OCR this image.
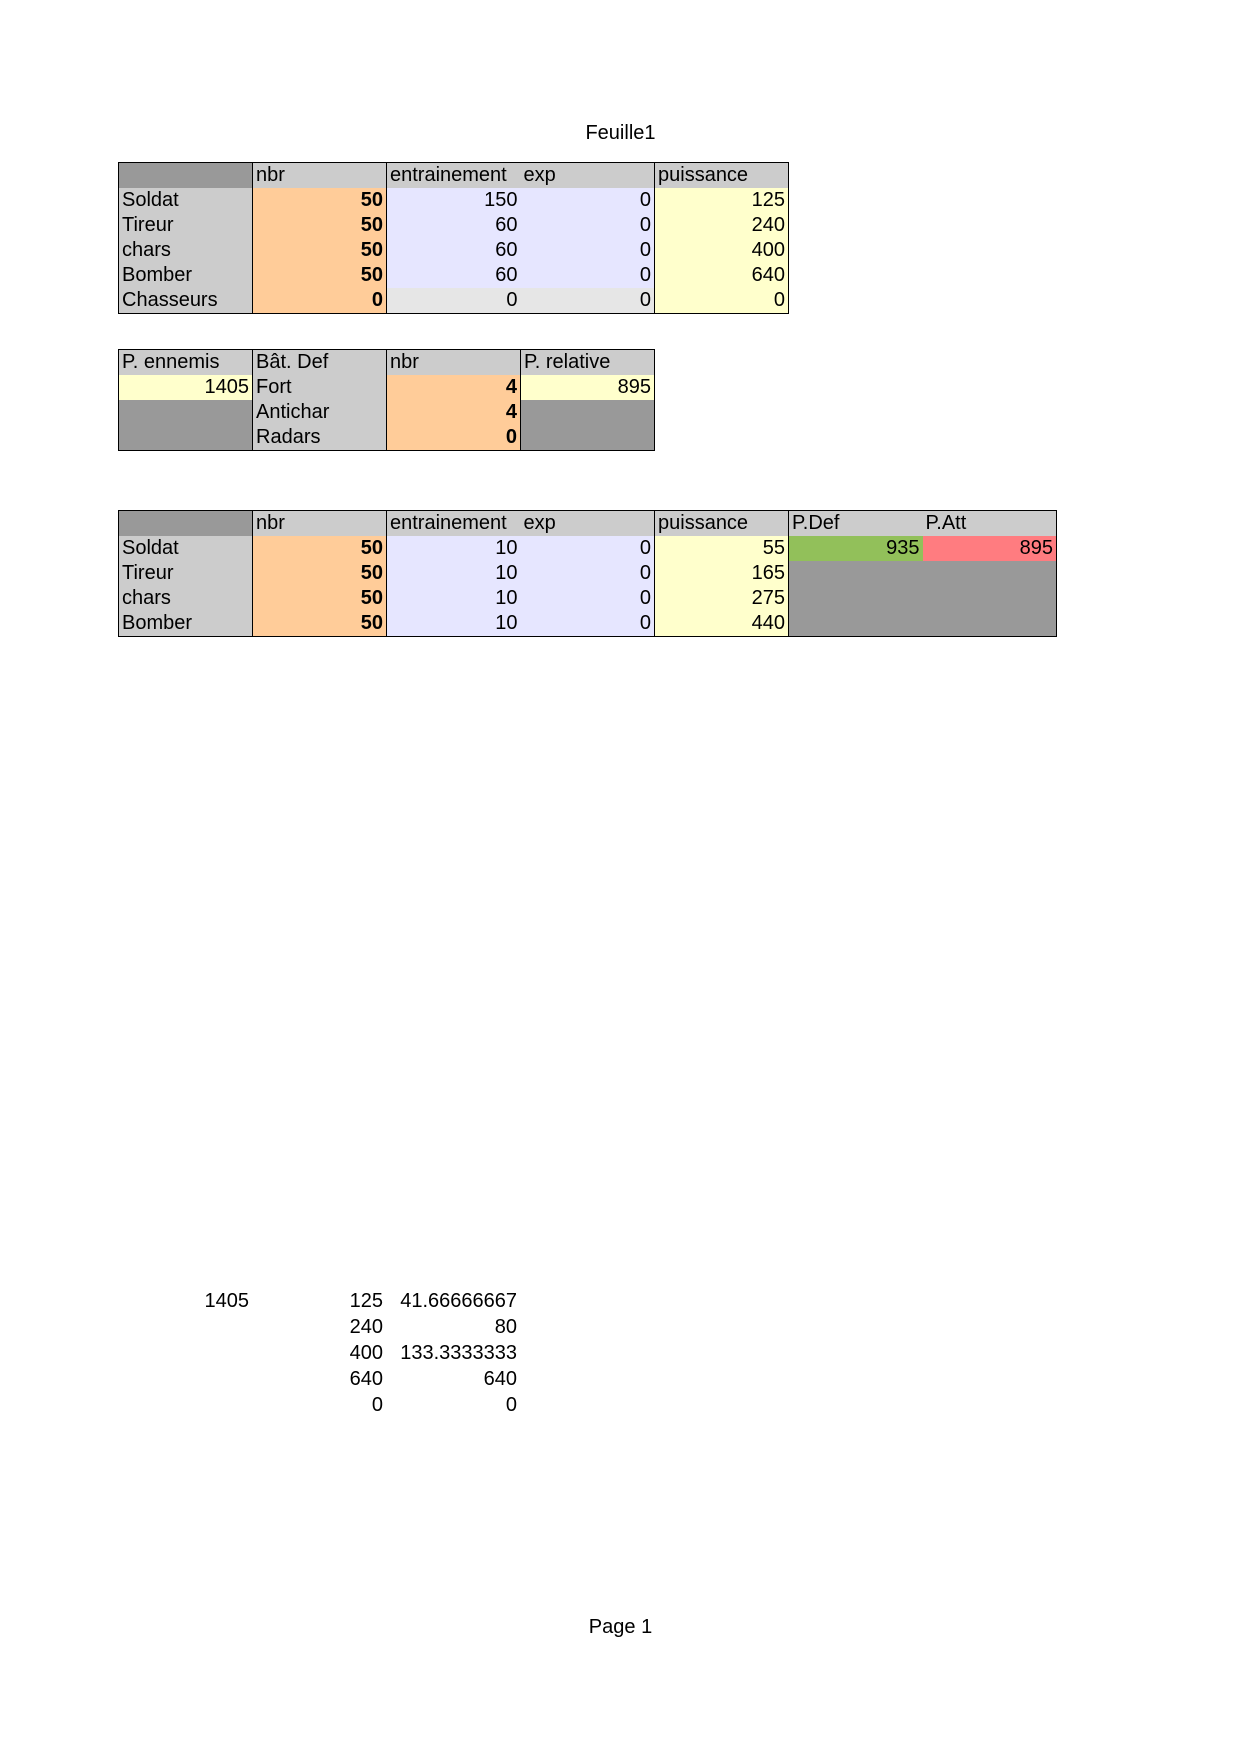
Feuille1
	nbr	entrainement	exp	puissance
Soldat	50	150	0	125
Tireur	50	60	0	240
chars	50	60	0	400
Bomber	50	60	0	640
Chasseurs	0	0	0	0
P. ennemis	Bât. Def	nbr	P. relative
1405	Fort	4	895
	Antichar	4	
	Radars	0	
	nbr	entrainement	exp	puissance	P.Def	P.Att
Soldat	50	10	0	55	935	895
Tireur	50	10	0	165		
chars	50	10	0	275		
Bomber	50	10	0	440		
1405	125	41.66666667
	240	80
	400	133.3333333
	640	640
	0	0
Page 1
